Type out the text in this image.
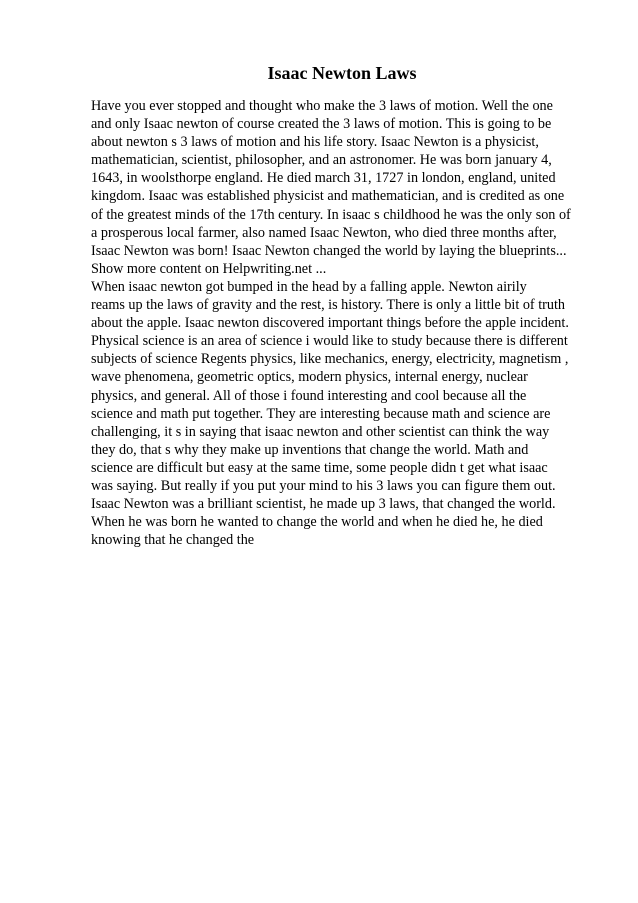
Isaac Newton Laws
Have you ever stopped and thought who make the 3 laws of motion. Well the one
and only Isaac newton of course created the 3 laws of motion. This is going to be
about newton s 3 laws of motion and his life story. Isaac Newton is a physicist,
mathematician, scientist, philosopher, and an astronomer. He was born january 4,
1643, in woolsthorpe england. He died march 31, 1727 in london, england, united
kingdom. Isaac was established physicist and mathematician, and is credited as one
of the greatest minds of the 17th century. In isaac s childhood he was the only son of
a prosperous local farmer, also named Isaac Newton, who died three months after,
Isaac Newton was born! Isaac Newton changed the world by laying the blueprints...
Show more content on Helpwriting.net ...
When isaac newton got bumped in the head by a falling apple. Newton airily
reams up the laws of gravity and the rest, is history. There is only a little bit of truth
about the apple. Isaac newton discovered important things before the apple incident.
Physical science is an area of science i would like to study because there is different
subjects of science Regents physics, like mechanics, energy, electricity, magnetism ,
wave phenomena, geometric optics, modern physics, internal energy, nuclear
physics, and general. All of those i found interesting and cool because all the
science and math put together. They are interesting because math and science are
challenging, it s in saying that isaac newton and other scientist can think the way
they do, that s why they make up inventions that change the world. Math and
science are difficult but easy at the same time, some people didn t get what isaac
was saying. But really if you put your mind to his 3 laws you can figure them out.
Isaac Newton was a brilliant scientist, he made up 3 laws, that changed the world.
When he was born he wanted to change the world and when he died he, he died
knowing that he changed the
